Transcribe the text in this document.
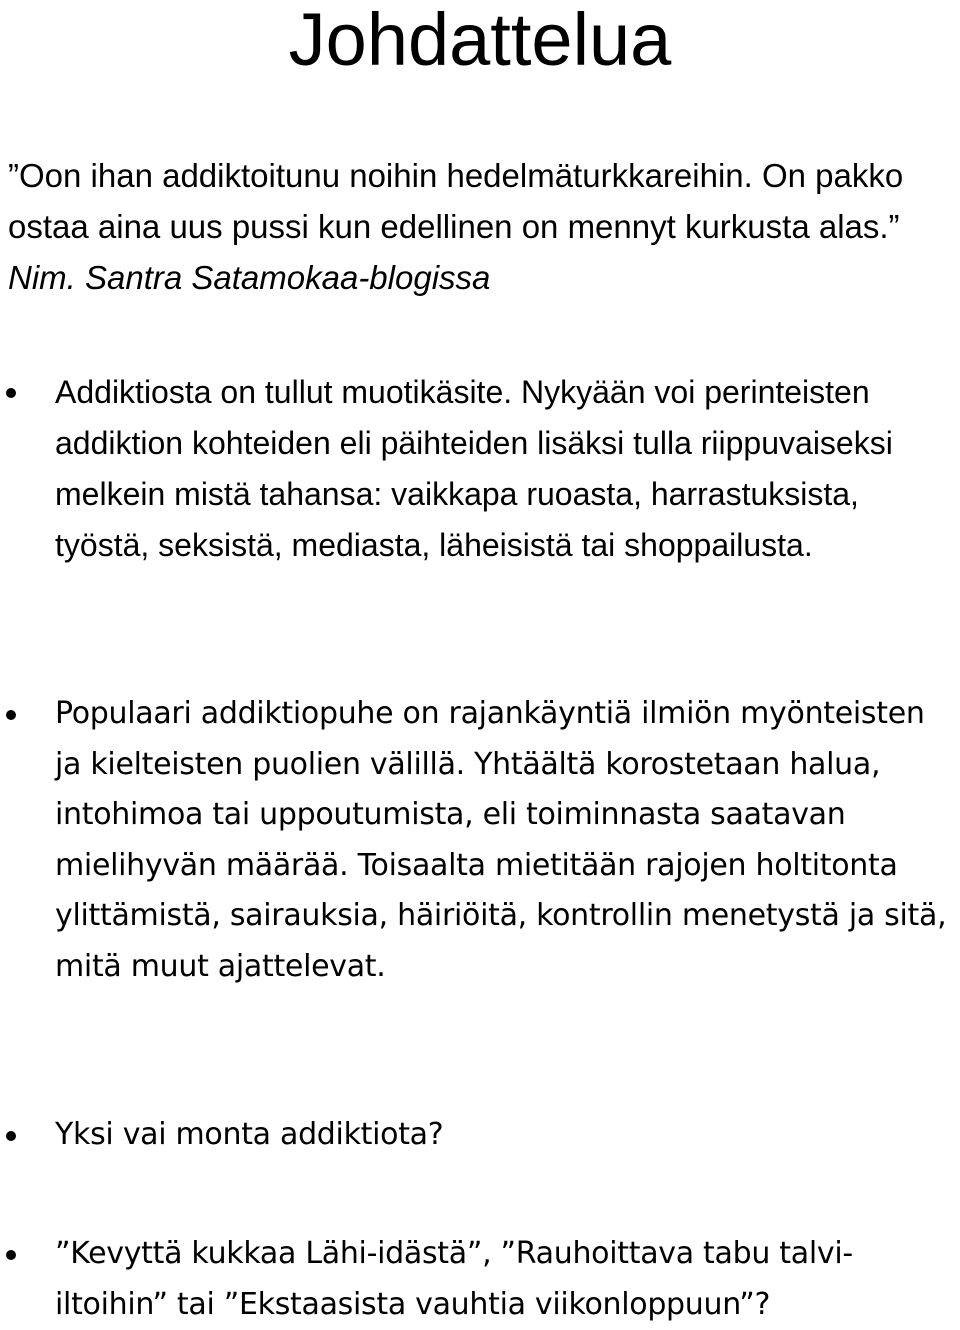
Johdattelua

”Oon ihan addiktoitunu noihin hedelmäturkkareihin. On pakko ostaa aina uus pussi kun edellinen on mennyt kurkusta alas.” Nim. Santra Satamokaa-blogissa

Addiktiosta on tullut muotikäsite. Nykyään voi perinteisten addiktion kohteiden eli päihteiden lisäksi tulla riippuvaiseksi melkein mistä tahansa: vaikkapa ruoasta, harrastuksista, työstä, seksistä, mediasta, läheisistä tai shoppailusta.

Populaari addiktiopuhe on rajankäyntiä ilmiön myönteisten ja kielteisten puolien välillä. Yhtäältä korostetaan halua, intohimoa tai uppoutumista, eli toiminnasta saatavan mielihyvän määrää. Toisaalta mietitään rajojen holtitonta ylittämistä, sairauksia, häiriöitä, kontrollin menetystä ja sitä, mitä muut ajattelevat.

Yksi vai monta addiktiota?

”Kevyttä kukkaa Lähi-idästä”, ”Rauhoittava tabu talvi-iltoihin” tai ”Ekstaasista vauhtia viikonloppuun”?
